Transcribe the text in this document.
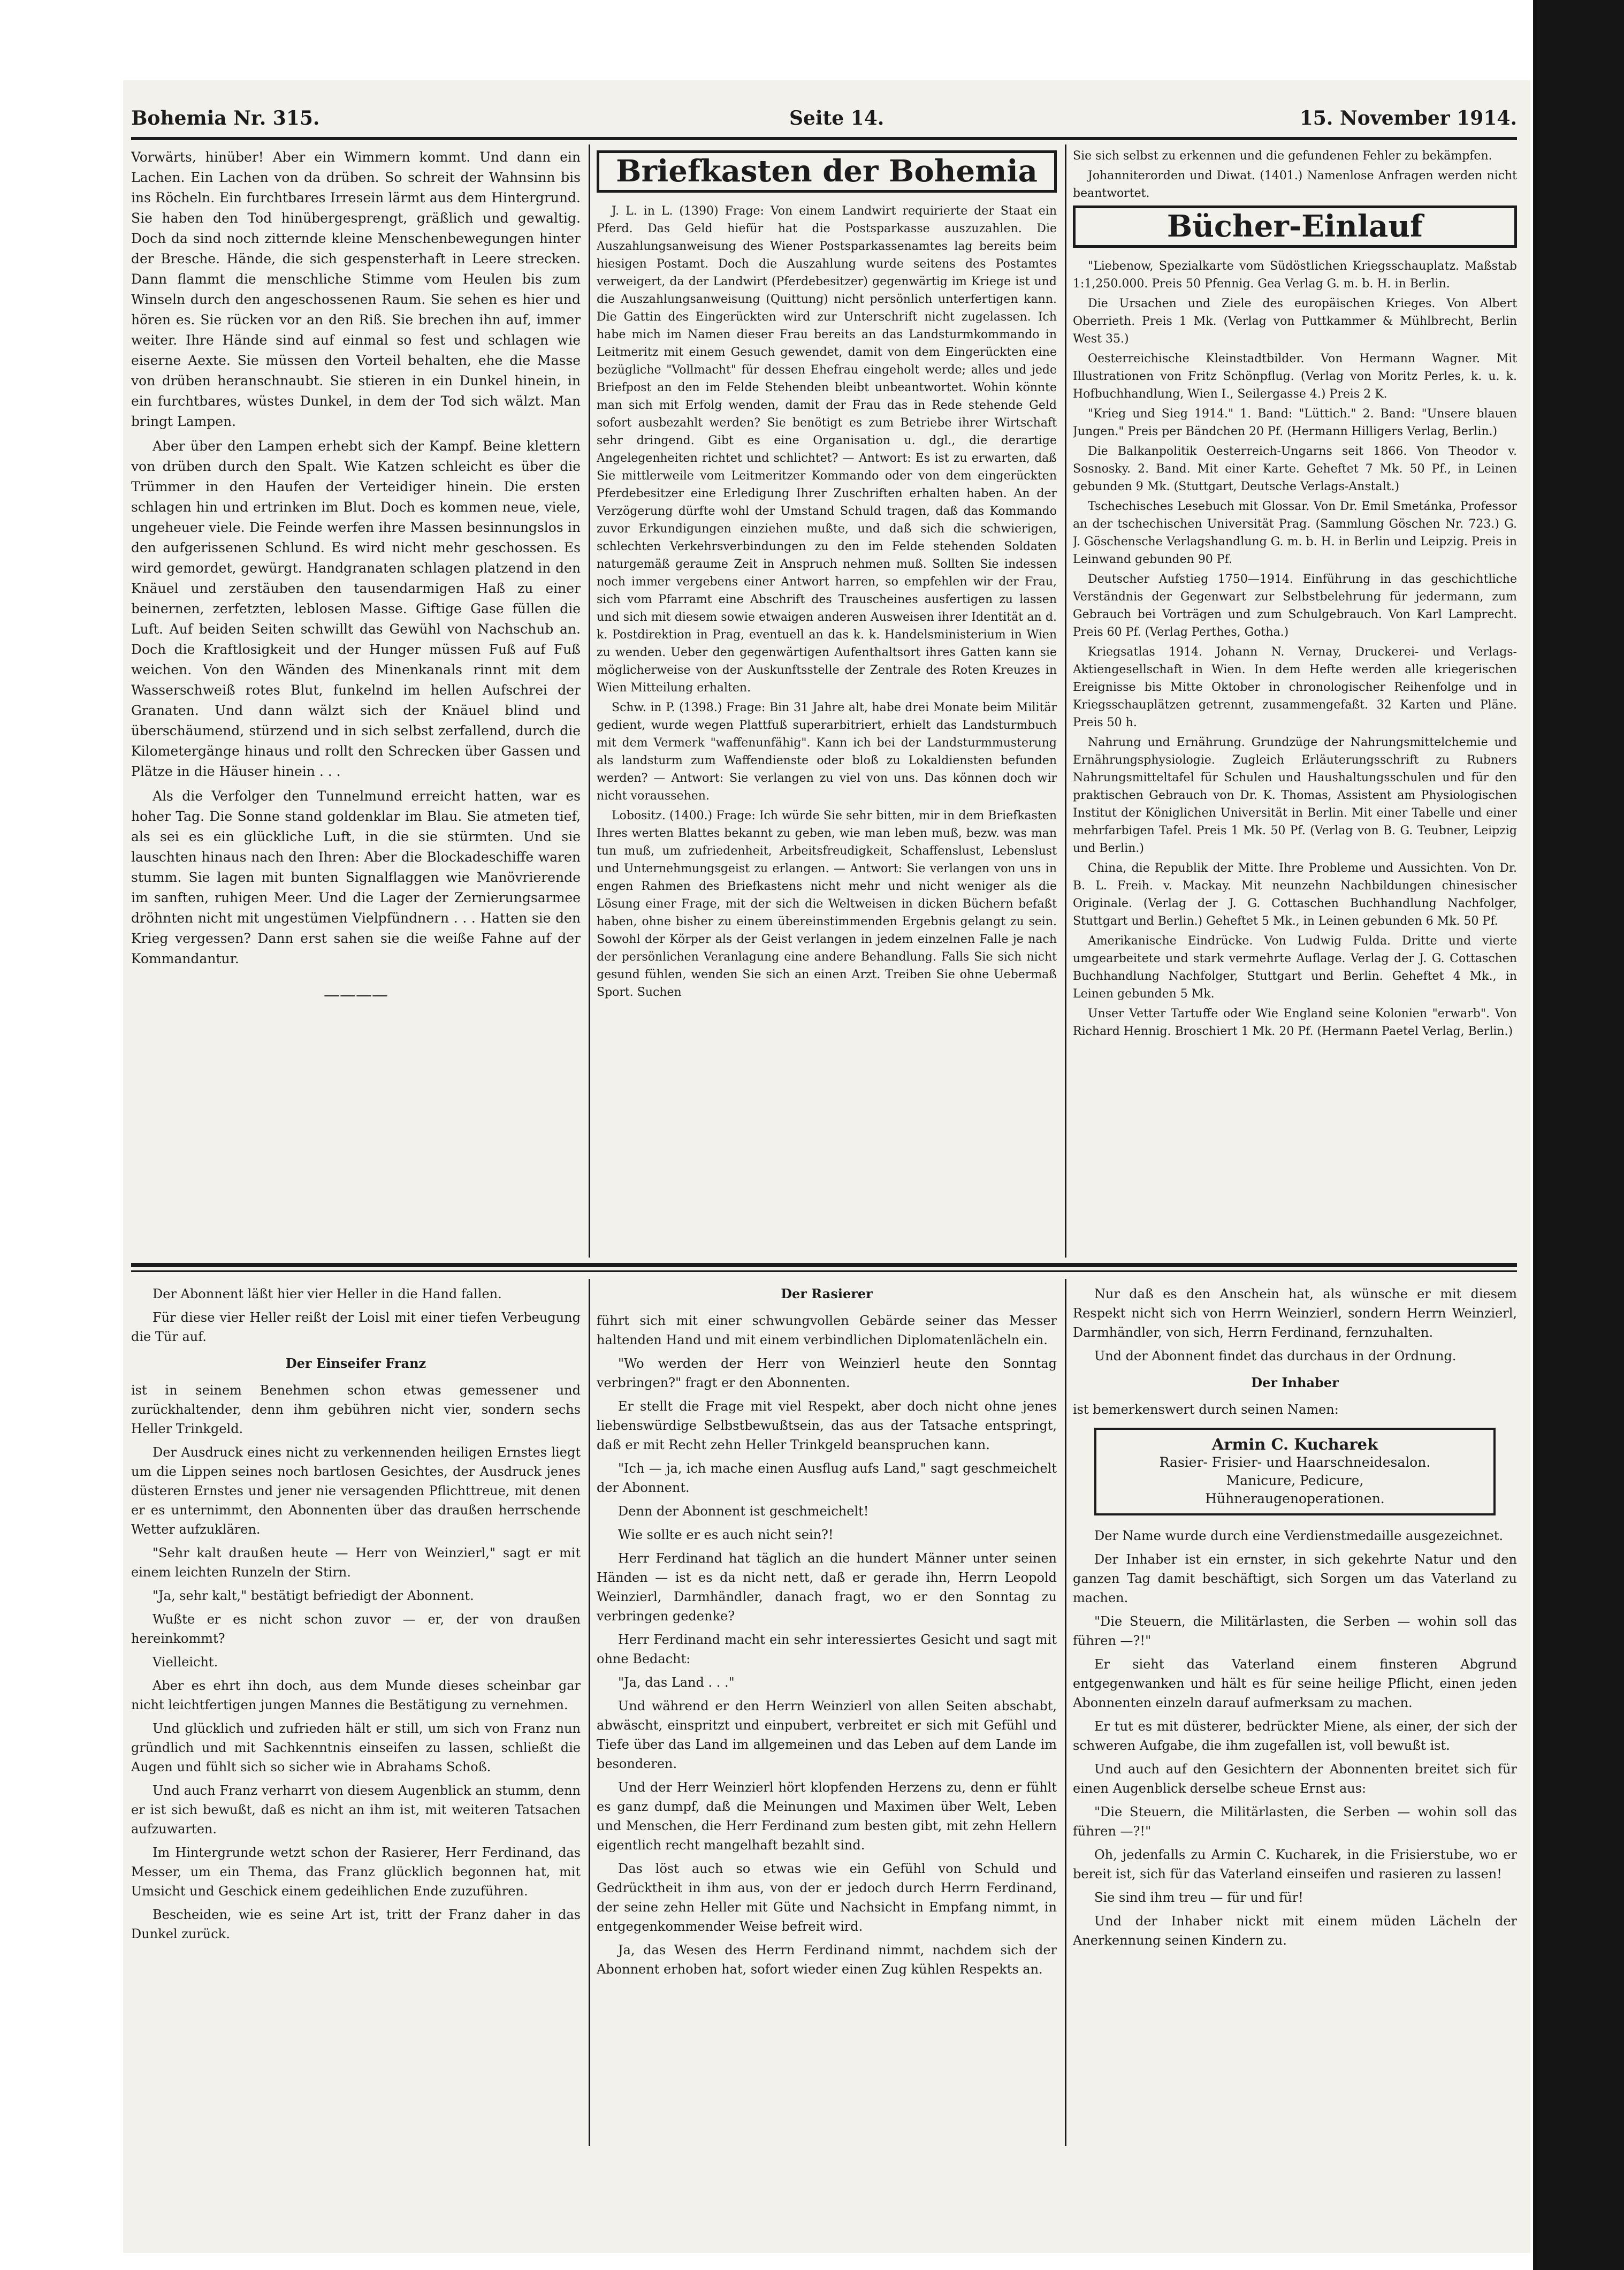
Bohemia Nr. 315.	Seite 14.	15. November 1914.

Vorwärts, hinüber! Aber ein Wimmern kommt. Und dann ein Lachen. Ein Lachen von da drüben. So schreit der Wahnsinn bis ins Röcheln. Ein furchtbares Irresein lärmt aus dem Hintergrund. Sie haben den Tod hinübergesprengt, gräßlich und gewaltig. Doch da sind noch zitternde kleine Menschenbewegungen hinter der Bresche. Hände, die sich gespensterhaft in Leere strecken. Dann flammt die menschliche Stimme vom Heulen bis zum Winseln durch den angeschossenen Raum. Sie sehen es hier und hören es. Sie rücken vor an den Riß. Sie brechen ihn auf, immer weiter. Ihre Hände sind auf einmal so fest und schlagen wie eiserne Aexte. Sie müssen den Vorteil behalten, ehe die Masse von drüben heranschnaubt. Sie stieren in ein Dunkel hinein, in ein furchtbares, wüstes Dunkel, in dem der Tod sich wälzt. Man bringt Lampen.

Aber über den Lampen erhebt sich der Kampf. Beine klettern von drüben durch den Spalt. Wie Katzen schleicht es über die Trümmer in den Haufen der Verteidiger hinein. Die ersten schlagen hin und ertrinken im Blut. Doch es kommen neue, viele, ungeheuer viele. Die Feinde werfen ihre Massen besinnungslos in den aufgerissenen Schlund. Es wird nicht mehr geschossen. Es wird gemordet, gewürgt. Handgranaten schlagen platzend in den Knäuel und zerstäuben den tausendarmigen Haß zu einer beinernen, zerfetzten, leblosen Masse. Giftige Gase füllen die Luft. Auf beiden Seiten schwillt das Gewühl von Nachschub an. Doch die Kraftlosigkeit und der Hunger müssen Fuß auf Fuß weichen. Von den Wänden des Minenkanals rinnt mit dem Wasserschweiß rotes Blut, funkelnd im hellen Aufschrei der Granaten. Und dann wälzt sich der Knäuel blind und überschäumend, stürzend und in sich selbst zerfallend, durch die Kilometergänge hinaus und rollt den Schrecken über Gassen und Plätze in die Häuser hinein . . .

Als die Verfolger den Tunnelmund erreicht hatten, war es hoher Tag. Die Sonne stand goldenklar im Blau. Sie atmeten tief, als sei es ein glückliche Luft, in die sie stürmten. Und sie lauschten hinaus nach den Ihren: Aber die Blockadeschiffe waren stumm. Sie lagen mit bunten Signalflaggen wie Manövrierende im sanften, ruhigen Meer. Und die Lager der Zernierungsarmee dröhnten nicht mit ungestümen Vielpfündnern . . . Hatten sie den Krieg vergessen? Dann erst sahen sie die weiße Fahne auf der Kommandantur.

————
Briefkasten der Bohemia

J. L. in L. (1390) Frage: Von einem Landwirt requirierte der Staat ein Pferd. Das Geld hiefür hat die Postsparkasse auszuzahlen. Die Auszahlungsanweisung des Wiener Postsparkassenamtes lag bereits beim hiesigen Postamt. Doch die Auszahlung wurde seitens des Postamtes verweigert, da der Landwirt (Pferdebesitzer) gegenwärtig im Kriege ist und die Auszahlungsanweisung (Quittung) nicht persönlich unterfertigen kann. Die Gattin des Eingerückten wird zur Unterschrift nicht zugelassen. Ich habe mich im Namen dieser Frau bereits an das Landsturmkommando in Leitmeritz mit einem Gesuch gewendet, damit von dem Eingerückten eine bezügliche "Vollmacht" für dessen Ehefrau eingeholt werde; alles und jede Briefpost an den im Felde Stehenden bleibt unbeantwortet. Wohin könnte man sich mit Erfolg wenden, damit der Frau das in Rede stehende Geld sofort ausbezahlt werden? Sie benötigt es zum Betriebe ihrer Wirtschaft sehr dringend. Gibt es eine Organisation u. dgl., die derartige Angelegenheiten richtet und schlichtet? — Antwort: Es ist zu erwarten, daß Sie mittlerweile vom Leitmeritzer Kommando oder von dem eingerückten Pferdebesitzer eine Erledigung Ihrer Zuschriften erhalten haben. An der Verzögerung dürfte wohl der Umstand Schuld tragen, daß das Kommando zuvor Erkundigungen einziehen mußte, und daß sich die schwierigen, schlechten Verkehrsverbindungen zu den im Felde stehenden Soldaten naturgemäß geraume Zeit in Anspruch nehmen muß. Sollten Sie indessen noch immer vergebens einer Antwort harren, so empfehlen wir der Frau, sich vom Pfarramt eine Abschrift des Trauscheines ausfertigen zu lassen und sich mit diesem sowie etwaigen anderen Ausweisen ihrer Identität an d. k. Postdirektion in Prag, eventuell an das k. k. Handelsministerium in Wien zu wenden. Ueber den gegenwärtigen Aufenthaltsort ihres Gatten kann sie möglicherweise von der Auskunftsstelle der Zentrale des Roten Kreuzes in Wien Mitteilung erhalten.

Schw. in P. (1398.) Frage: Bin 31 Jahre alt, habe drei Monate beim Militär gedient, wurde wegen Plattfuß superarbitriert, erhielt das Landsturmbuch mit dem Vermerk "waffenunfähig". Kann ich bei der Landsturmmusterung als landsturm zum Waffendienste oder bloß zu Lokaldiensten befunden werden? — Antwort: Sie verlangen zu viel von uns. Das können doch wir nicht voraussehen.

Lobositz. (1400.) Frage: Ich würde Sie sehr bitten, mir in dem Briefkasten Ihres werten Blattes bekannt zu geben, wie man leben muß, bezw. was man tun muß, um zufriedenheit, Arbeitsfreudigkeit, Schaffenslust, Lebenslust und Unternehmungsgeist zu erlangen. — Antwort: Sie verlangen von uns in engen Rahmen des Briefkastens nicht mehr und nicht weniger als die Lösung einer Frage, mit der sich die Weltweisen in dicken Büchern befaßt haben, ohne bisher zu einem übereinstimmenden Ergebnis gelangt zu sein. Sowohl der Körper als der Geist verlangen in jedem einzelnen Falle je nach der persönlichen Veranlagung eine andere Behandlung. Falls Sie sich nicht gesund fühlen, wenden Sie sich an einen Arzt. Treiben Sie ohne Uebermaß Sport. Suchen

Sie sich selbst zu erkennen und die gefundenen Fehler zu bekämpfen.

Johanniterorden und Diwat. (1401.) Namenlose Anfragen werden nicht beantwortet.

Bücher-Einlauf

"Liebenow, Spezialkarte vom Südöstlichen Kriegsschauplatz. Maßstab 1:1,250.000. Preis 50 Pfennig. Gea Verlag G. m. b. H. in Berlin.

Die Ursachen und Ziele des europäischen Krieges. Von Albert Oberrieth. Preis 1 Mk. (Verlag von Puttkammer & Mühlbrecht, Berlin West 35.)

Oesterreichische Kleinstadtbilder. Von Hermann Wagner. Mit Illustrationen von Fritz Schönpflug. (Verlag von Moritz Perles, k. u. k. Hofbuchhandlung, Wien I., Seilergasse 4.) Preis 2 K.

"Krieg und Sieg 1914." 1. Band: "Lüttich." 2. Band: "Unsere blauen Jungen." Preis per Bändchen 20 Pf. (Hermann Hilligers Verlag, Berlin.)

Die Balkanpolitik Oesterreich-Ungarns seit 1866. Von Theodor v. Sosnosky. 2. Band. Mit einer Karte. Geheftet 7 Mk. 50 Pf., in Leinen gebunden 9 Mk. (Stuttgart, Deutsche Verlags-Anstalt.)

Tschechisches Lesebuch mit Glossar. Von Dr. Emil Smetánka, Professor an der tschechischen Universität Prag. (Sammlung Göschen Nr. 723.) G. J. Göschensche Verlagshandlung G. m. b. H. in Berlin und Leipzig. Preis in Leinwand gebunden 90 Pf.

Deutscher Aufstieg 1750—1914. Einführung in das geschichtliche Verständnis der Gegenwart zur Selbstbelehrung für jedermann, zum Gebrauch bei Vorträgen und zum Schulgebrauch. Von Karl Lamprecht. Preis 60 Pf. (Verlag Perthes, Gotha.)

Kriegsatlas 1914. Johann N. Vernay, Druckerei- und Verlags-Aktiengesellschaft in Wien. In dem Hefte werden alle kriegerischen Ereignisse bis Mitte Oktober in chronologischer Reihenfolge und in Kriegsschauplätzen getrennt, zusammengefaßt. 32 Karten und Pläne. Preis 50 h.

Nahrung und Ernährung. Grundzüge der Nahrungsmittelchemie und Ernährungsphysiologie. Zugleich Erläuterungsschrift zu Rubners Nahrungsmitteltafel für Schulen und Haushaltungsschulen und für den praktischen Gebrauch von Dr. K. Thomas, Assistent am Physiologischen Institut der Königlichen Universität in Berlin. Mit einer Tabelle und einer mehrfarbigen Tafel. Preis 1 Mk. 50 Pf. (Verlag von B. G. Teubner, Leipzig und Berlin.)

China, die Republik der Mitte. Ihre Probleme und Aussichten. Von Dr. B. L. Freih. v. Mackay. Mit neunzehn Nachbildungen chinesischer Originale. (Verlag der J. G. Cottaschen Buchhandlung Nachfolger, Stuttgart und Berlin.) Geheftet 5 Mk., in Leinen gebunden 6 Mk. 50 Pf.

Amerikanische Eindrücke. Von Ludwig Fulda. Dritte und vierte umgearbeitete und stark vermehrte Auflage. Verlag der J. G. Cottaschen Buchhandlung Nachfolger, Stuttgart und Berlin. Geheftet 4 Mk., in Leinen gebunden 5 Mk.

Unser Vetter Tartuffe oder Wie England seine Kolonien "erwarb". Von Richard Hennig. Broschiert 1 Mk. 20 Pf. (Hermann Paetel Verlag, Berlin.)

Der Abonnent läßt hier vier Heller in die Hand fallen.

Für diese vier Heller reißt der Loisl mit einer tiefen Verbeugung die Tür auf.

Der Einseifer Franz

ist in seinem Benehmen schon etwas gemessener und zurückhaltender, denn ihm gebühren nicht vier, sondern sechs Heller Trinkgeld.

Der Ausdruck eines nicht zu verkennenden heiligen Ernstes liegt um die Lippen seines noch bartlosen Gesichtes, der Ausdruck jenes düsteren Ernstes und jener nie versagenden Pflichttreue, mit denen er es unternimmt, den Abonnenten über das draußen herrschende Wetter aufzuklären.

"Sehr kalt draußen heute — Herr von Weinzierl," sagt er mit einem leichten Runzeln der Stirn.

"Ja, sehr kalt," bestätigt befriedigt der Abonnent.

Wußte er es nicht schon zuvor — er, der von draußen hereinkommt?

Vielleicht.

Aber es ehrt ihn doch, aus dem Munde dieses scheinbar gar nicht leichtfertigen jungen Mannes die Bestätigung zu vernehmen.

Und glücklich und zufrieden hält er still, um sich von Franz nun gründlich und mit Sachkenntnis einseifen zu lassen, schließt die Augen und fühlt sich so sicher wie in Abrahams Schoß.

Und auch Franz verharrt von diesem Augenblick an stumm, denn er ist sich bewußt, daß es nicht an ihm ist, mit weiteren Tatsachen aufzuwarten.

Im Hintergrunde wetzt schon der Rasierer, Herr Ferdinand, das Messer, um ein Thema, das Franz glücklich begonnen hat, mit Umsicht und Geschick einem gedeihlichen Ende zuzuführen.

Bescheiden, wie es seine Art ist, tritt der Franz daher in das Dunkel zurück.

Der Rasierer

führt sich mit einer schwungvollen Gebärde seiner das Messer haltenden Hand und mit einem verbindlichen Diplomatenlächeln ein.

"Wo werden der Herr von Weinzierl heute den Sonntag verbringen?" fragt er den Abonnenten.

Er stellt die Frage mit viel Respekt, aber doch nicht ohne jenes liebenswürdige Selbstbewußtsein, das aus der Tatsache entspringt, daß er mit Recht zehn Heller Trinkgeld beanspruchen kann.

"Ich — ja, ich mache einen Ausflug aufs Land," sagt geschmeichelt der Abonnent.

Denn der Abonnent ist geschmeichelt!

Wie sollte er es auch nicht sein?!

Herr Ferdinand hat täglich an die hundert Männer unter seinen Händen — ist es da nicht nett, daß er gerade ihn, Herrn Leopold Weinzierl, Darmhändler, danach fragt, wo er den Sonntag zu verbringen gedenke?

Herr Ferdinand macht ein sehr interessiertes Gesicht und sagt mit ohne Bedacht:

"Ja, das Land . . ."

Und während er den Herrn Weinzierl von allen Seiten abschabt, abwäscht, einspritzt und einpubert, verbreitet er sich mit Gefühl und Tiefe über das Land im allgemeinen und das Leben auf dem Lande im besonderen.

Und der Herr Weinzierl hört klopfenden Herzens zu, denn er fühlt es ganz dumpf, daß die Meinungen und Maximen über Welt, Leben und Menschen, die Herr Ferdinand zum besten gibt, mit zehn Hellern eigentlich recht mangelhaft bezahlt sind.

Das löst auch so etwas wie ein Gefühl von Schuld und Gedrücktheit in ihm aus, von der er jedoch durch Herrn Ferdinand, der seine zehn Heller mit Güte und Nachsicht in Empfang nimmt, in entgegenkommender Weise befreit wird.

Ja, das Wesen des Herrn Ferdinand nimmt, nachdem sich der Abonnent erhoben hat, sofort wieder einen Zug kühlen Respekts an.

Nur daß es den Anschein hat, als wünsche er mit diesem Respekt nicht sich von Herrn Weinzierl, sondern Herrn Weinzierl, Darmhändler, von sich, Herrn Ferdinand, fernzuhalten.

Und der Abonnent findet das durchaus in der Ordnung.

Der Inhaber

ist bemerkenswert durch seinen Namen:

Armin C. Kucharek
Rasier- Frisier- und Haarschneidesalon.
Manicure, Pedicure,
Hühneraugenoperationen.

Der Name wurde durch eine Verdienstmedaille ausgezeichnet.

Der Inhaber ist ein ernster, in sich gekehrte Natur und den ganzen Tag damit beschäftigt, sich Sorgen um das Vaterland zu machen.

"Die Steuern, die Militärlasten, die Serben — wohin soll das führen —?!"

Er sieht das Vaterland einem finsteren Abgrund entgegenwanken und hält es für seine heilige Pflicht, einen jeden Abonnenten einzeln darauf aufmerksam zu machen.

Er tut es mit düsterer, bedrückter Miene, als einer, der sich der schweren Aufgabe, die ihm zugefallen ist, voll bewußt ist.

Und auch auf den Gesichtern der Abonnenten breitet sich für einen Augenblick derselbe scheue Ernst aus:

"Die Steuern, die Militärlasten, die Serben — wohin soll das führen —?!"

Oh, jedenfalls zu Armin C. Kucharek, in die Frisierstube, wo er bereit ist, sich für das Vaterland einseifen und rasieren zu lassen!

Sie sind ihm treu — für und für!

Und der Inhaber nickt mit einem müden Lächeln der Anerkennung seinen Kindern zu.
